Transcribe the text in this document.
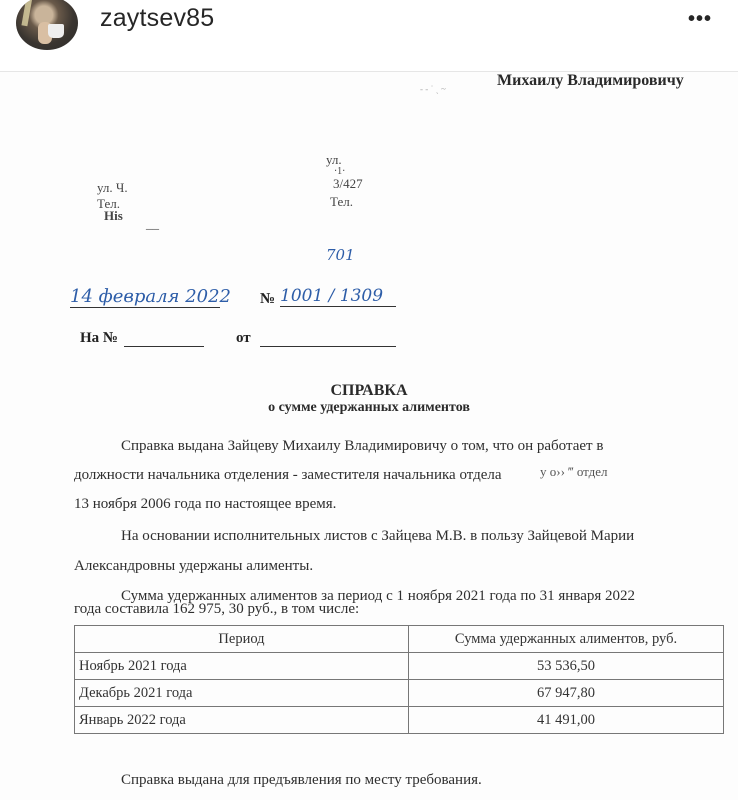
zaytsev85	•••
‐ ‐ ˙ ˎ ~	Михаилу Владимировичу
ул.
‧1‧
3/427
Тел.
ул. Ч.
Тел.
Ніѕ
__
701
14 февраля 2022 № 1001 / 1309
На №	от
СПРАВКА
о сумме удержанных алиментов
Справка выдана Зайцеву Михаилу Владимировичу о том, что он работает в
должности начальника отделения - заместителя начальника отдела	у о›› ‴ отдел
13 ноября 2006 года по настоящее время.
На основании исполнительных листов с Зайцева М.В. в пользу Зайцевой Марии
Александровны удержаны алименты.
Сумма удержанных алиментов за период с 1 ноября 2021 года по 31 января 2022
года составила 162 975, 30 руб., в том числе:
Период	Сумма удержанных алиментов, руб.
Ноябрь 2021 года	53 536,50
Декабрь 2021 года	67 947,80
Январь 2022 года	41 491,00
Справка выдана для предъявления по месту требования.
